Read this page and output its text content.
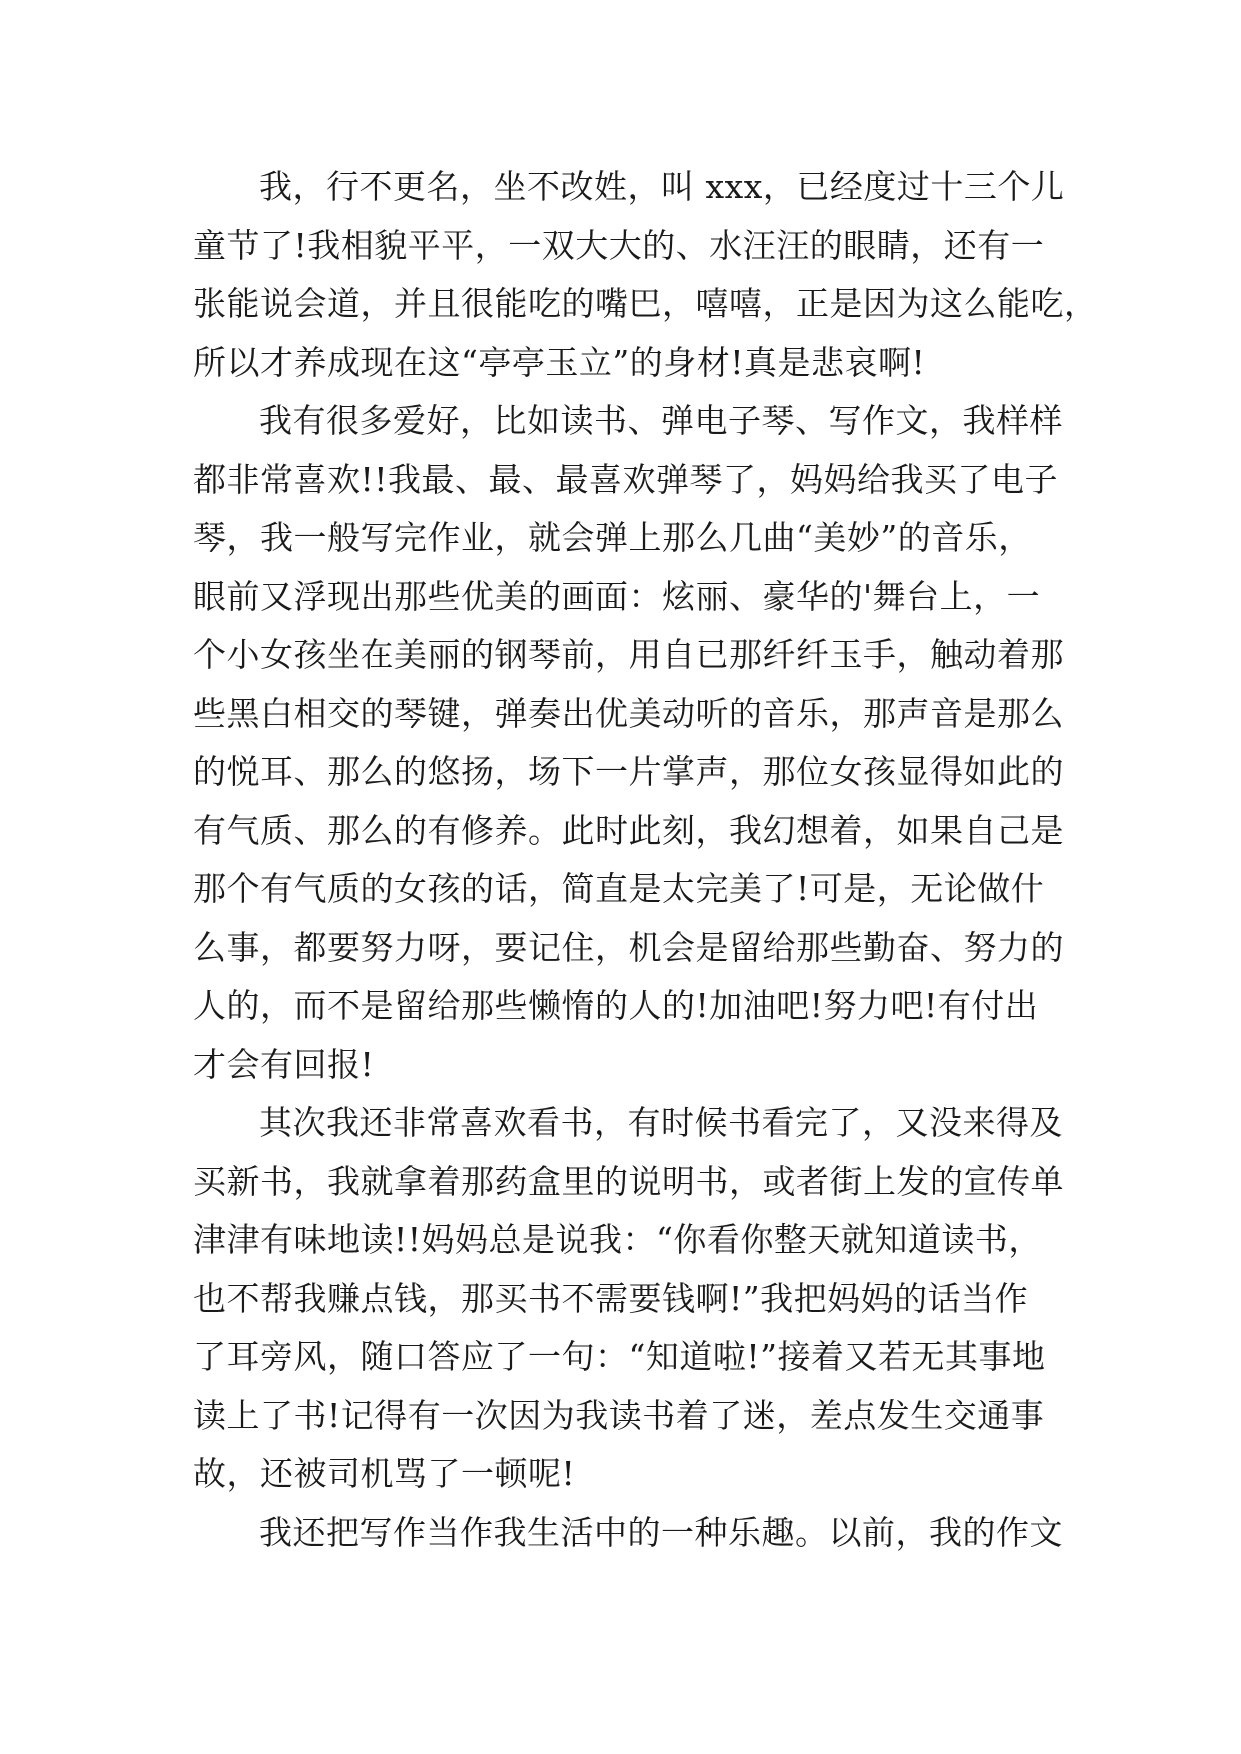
我，行不更名，坐不改姓，叫 xxx，已经度过十三个儿
童节了!我相貌平平，一双大大的、水汪汪的眼睛，还有一
张能说会道，并且很能吃的嘴巴，嘻嘻，正是因为这么能吃，
所以才养成现在这“亭亭玉立”的身材!真是悲哀啊!
我有很多爱好，比如读书、弹电子琴、写作文，我样样
都非常喜欢!!我最、最、最喜欢弹琴了，妈妈给我买了电子
琴，我一般写完作业，就会弹上那么几曲“美妙”的音乐，
眼前又浮现出那些优美的画面：炫丽、豪华的'舞台上，一
个小女孩坐在美丽的钢琴前，用自已那纤纤玉手，触动着那
些黑白相交的琴键，弹奏出优美动听的音乐，那声音是那么
的悦耳、那么的悠扬，场下一片掌声，那位女孩显得如此的
有气质、那么的有修养。此时此刻，我幻想着，如果自己是
那个有气质的女孩的话，简直是太完美了!可是，无论做什
么事，都要努力呀，要记住，机会是留给那些勤奋、努力的
人的，而不是留给那些懒惰的人的!加油吧!努力吧!有付出
才会有回报!
其次我还非常喜欢看书，有时候书看完了，又没来得及
买新书，我就拿着那药盒里的说明书，或者街上发的宣传单
津津有味地读!!妈妈总是说我：“你看你整天就知道读书，
也不帮我赚点钱，那买书不需要钱啊!”我把妈妈的话当作
了耳旁风，随口答应了一句：“知道啦!”接着又若无其事地
读上了书!记得有一次因为我读书着了迷，差点发生交通事
故，还被司机骂了一顿呢!
我还把写作当作我生活中的一种乐趣。以前，我的作文
